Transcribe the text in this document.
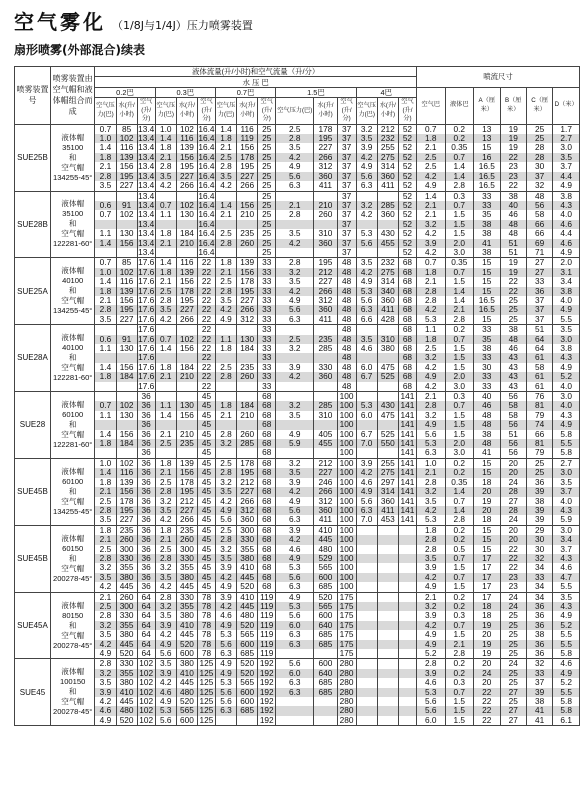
空气雾化 （1/8J与1/4J）压力喷雾装置
扇形喷雾(外部混合)续表
喷雾装置号	喷雾装置由空气帽和液体帽组合而成	液体流量(升/小时)和空气流量（升/分）															喷流尺寸					
		水 压 巴																				
		0.2巴			0.3巴			0.7巴			1.5巴			4巴			空气巴	液体巴	A（厘米）	B（厘米）	C（厘米）	D（米）
		空气压力(巴)	水(升/小时)	空气(升/分)	空气压力(巴)	水(升/小时)	空气(升/分)	空气压力(巴)	水(升/小时)	空气(升/分)	空气压力(巴)	水(升/小时)	空气(升/分)	空气压力(巴)	水(升/小时)	空气(升/分)						
SUE25B	液体帽
35100
和
空气帽
134255-45°	0.7	85	13.4	1.0	102	16.4	1.4	116	25	2.5	178	37	3.2	212	52	0.7	0.2	13	19	25	1.7
		1.0	102	13.4	1.4	116	16.4	1.8	119	25	2.8	195	37	3.5	232	52	1.8	0.2	13	19	25	2.7
		1.4	116	13.4	1.8	139	16.4	2.1	156	25	3.5	227	37	3.9	255	52	2.1	0.35	15	19	28	3.0
		1.8	139	13.4	2.1	156	16.4	2.5	178	25	4.2	266	37	4.2	275	52	2.5	0.7	16	22	28	3.5
		2.1	156	13.4	2.8	195	16.4	2.8	195	25	4.9	312	37	4.9	314	52	2.5	1.4	16.5	23	30	3.7
		2.8	195	13.4	3.5	227	16.4	3.5	227	25	5.6	360	37	5.6	360	52	4.2	1.4	16.5	23	37	4.4
		3.5	227	13.4	4.2	266	16.4	4.2	266	25	6.3	411	37	6.3	411	52	4.9	2.8	16.5	22	32	4.9
SUE28B	液体帽
35100
和
空气帽
122281-60°			13.4			16.4			25			37			52	1.4	0.3	33	38	48	3.8
		0.6	91	13.4	0.7	102	16.4	1.4	156	25	2.1	210	37	3.2	285	52	2.1	0.7	33	40	56	4.3
		0.7	102	13.4	1.1	130	16.4	2.1	210	25	2.8	260	37	4.2	360	52	2.1	1.5	35	46	58	4.0
				13.4			16.4			25			37			52	3.2	1.5	38	48	66	4.6
		1.1	130	13.4	1.8	184	16.4	2.5	235	25	3.5	310	37	5.3	430	52	4.2	1.5	38	48	66	4.4
		1.4	156	13.4	2.1	210	16.4	2.8	260	25	4.2	360	37	5.6	455	52	3.9	2.0	41	51	69	4.6
				13.4			16.4			25			37			52	4.2	3.0	38	51	71	4.9
SUE25A	液体帽
40100
和
空气帽
134255-45°	0.7	85	17.6	1.4	116	22	1.8	139	33	2.8	195	48	3.5	232	68	0.7	0.35	15	19	27	2.0
		1.0	102	17.6	1.8	139	22	2.1	156	33	3.2	212	48	4.2	275	68	1.8	0.7	15	19	27	3.1
		1.4	116	17.6	2.1	156	22	2.5	178	33	3.5	227	48	4.9	314	68	2.1	1.5	15	22	33	3.4
		1.8	139	17.6	2.5	178	22	2.8	195	33	4.2	266	48	5.3	340	68	2.8	1.4	15	22	36	3.8
		2.1	156	17.6	2.8	195	22	3.5	227	33	4.9	312	48	5.6	360	68	2.8	1.4	16.5	25	37	4.0
		2.8	195	17.6	3.5	227	22	4.2	266	33	5.6	360	48	6.3	411	68	4.2	2.1	16.5	25	37	4.9
		3.5	227	17.6	4.2	266	22	4.9	312	33	6.3	411	48	6.6	428	68	5.3	2.8	15	25	37	5.5
SUE28A	液体帽
40100
和
空气帽
122281-60°			17.6			22			33			48			68	1.1	0.2	33	38	51	3.5
		0.6	91	17.6	0.7	102	22	1.1	130	33	2.5	235	48	3.5	310	68	1.8	0.7	35	48	64	3.0
		1.1	130	17.6	1.4	156	22	1.8	184	33	3.2	285	48	4.6	380	68	2.5	1.5	38	46	64	3.8
				17.6			22			33			48			68	3.2	1.5	33	43	61	4.3
		1.4	156	17.6	1.8	184	22	2.5	235	33	3.9	330	48	6.0	475	68	4.2	1.5	30	43	58	4.9
		1.8	184	17.6	2.1	210	22	2.8	260	33	4.2	360	48	6.7	525	68	4.9	2.0	33	43	61	5.2
				17.6			22			33			48			68	4.2	3.0	33	43	61	4.0
SUE28	液体帽
60100
和
空气帽
122281-60°			36			45			68			100			141	2.1	0.3	40	56	76	3.0
		0.7	102	36	1.1	130	45	1.8	184	68	3.2	285	100	5.3	430	141	2.8	0.7	46	58	81	4.0
		1.1	130	36	1.4	156	45	2.1	210	68	3.5	310	100	6.0	475	141	3.2	1.5	48	58	79	4.3
				36			45			68			100			141	4.9	1.5	48	56	74	4.9
		1.4	156	36	2.1	210	45	2.8	260	68	4.9	405	100	6.7	525	141	5.6	1.5	38	51	66	5.8
		1.8	184	36	2.5	235	45	3.2	285	68	5.9	455	100	7.0	550	141	5.3	2.0	48	56	81	5.5
				36			45			68			100			141	6.3	3.0	41	56	79	5.8
SUE45B	液体帽
60100
和
空气帽
134255-45°	1.0	102	36	1.8	139	45	2.5	178	68	3.2	212	100	3.9	255	141	1.0	0.2	15	20	25	2.7
		1.4	116	36	2.1	156	45	2.8	195	68	3.5	227	100	4.2	275	141	2.1	0.2	15	20	25	3.0
		1.8	139	36	2.5	178	45	3.2	212	68	3.9	246	100	4.6	297	141	2.8	0.35	18	24	36	3.5
		2.1	156	36	2.8	195	45	3.5	227	68	4.2	266	100	4.9	314	141	3.2	1.4	20	28	39	3.7
		2.5	178	36	3.2	212	45	4.2	266	68	4.9	312	100	5.6	360	141	3.5	0.7	19	27	38	4.0
		2.8	195	36	3.5	227	45	4.9	312	68	5.6	360	100	6.3	411	141	4.2	1.4	20	28	39	4.3
		3.5	227	36	4.2	266	45	5.6	360	68	6.3	411	100	7.0	453	141	5.3	2.8	18	24	39	5.9
SUE45B	液体帽
60150
和
空气帽
200278-45°	1.8	235	36	1.8	235	45	2.5	300	68	3.9	410	100				1.8	0.2	15	20	29	3.0
		2.1	260	36	2.1	260	45	2.8	330	68	4.2	445	100				2.8	0.2	15	20	30	3.4
		2.5	300	36	2.5	300	45	3.2	355	68	4.6	480	100				2.8	0.5	15	22	30	3.7
		2.8	330	36	2.8	330	45	3.5	380	68	4.9	529	100				3.5	0.7	17	22	32	4.3
		3.2	355	36	3.2	355	45	3.9	410	68	5.3	565	100				3.9	1.5	17	22	34	4.6
		3.5	380	36	3.5	380	45	4.2	445	68	5.6	600	100				4.2	0.7	17	23	33	4.7
		4.2	445	36	4.2	445	45	4.9	520	68	6.3	685	100				4.9	1.5	17	23	34	5.5
SUE45A	液体帽
80150
和
空气帽
200278-45°	2.1	260	64	2.8	330	78	3.9	410	119	4.9	520	175				2.1	0.2	17	24	34	3.5
		2.5	300	64	3.2	355	78	4.2	445	119	5.3	565	175				3.2	0.2	18	24	36	4.3
		2.8	330	64	3.5	380	78	4.6	480	119	5.6	600	175				3.9	0.3	18	25	36	4.9
		3.2	355	64	3.9	410	78	4.9	520	119	6.0	640	175				4.2	0.7	19	25	36	5.2
		3.5	380	64	4.2	445	78	5.3	565	119	6.3	685	175				4.9	1.5	20	25	38	5.5
		4.2	445	64	4.9	520	78	5.6	600	119	6.3	685	175				4.9	2.1	19	25	36	5.5
		4.9	520	64	5.6	600	78	6.3	685	119			175				5.2	2.8	19	25	36	5.8
SUE45	液体帽
100150
和
空气帽
200278-45°	2.8	330	102	3.5	380	125	4.9	520	192	5.6	600	280				2.8	0.2	20	24	32	4.6
		3.2	355	102	3.9	410	125	4.9	520	192	6.0	640	280				3.9	0.2	24	25	33	4.9
		3.5	380	102	4.2	445	125	5.3	565	192	6.3	685	280				4.6	0.3	20	25	37	5.2
		3.9	410	102	4.6	480	125	5.6	600	192	6.3	685	280				5.3	0.7	22	27	39	5.5
		4.2	445	102	4.9	520	125	5.6	600	192			280				5.6	1.5	22	25	38	5.8
		4.6	480	102	5.3	565	125	6.3	685	192			280				5.6	1.5	22	27	41	5.8
		4.9	520	102	5.6	600	125			192			280				6.0	1.5	22	27	41	6.1
